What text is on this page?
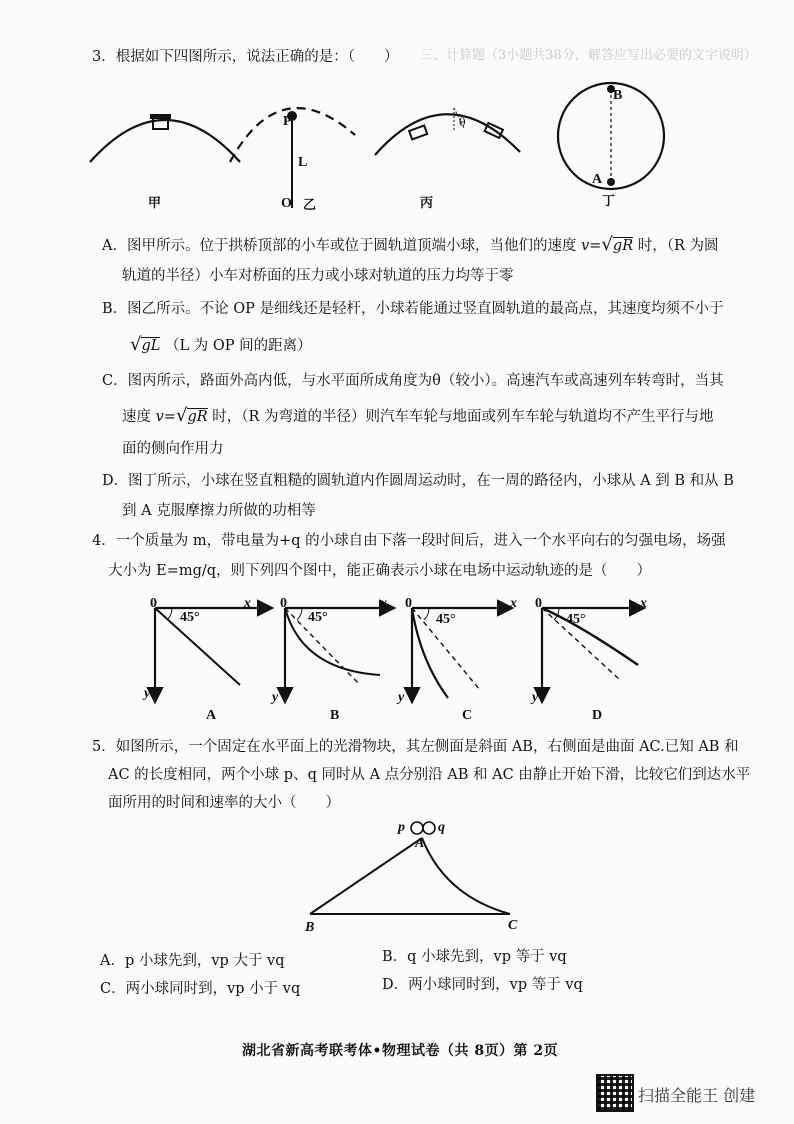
三、计算题（3小题共38分，解答应写出必要的文字说明）
3．根据如下四图所示，说法正确的是：（　　）
甲
P
L
O 乙
θ
丙
B
A
丁
A．图甲所示。位于拱桥顶部的小车或位于圆轨道顶端小球，当他们的速度 v=√gR 时，（R 为圆
轨道的半径）小车对桥面的压力或小球对轨道的压力均等于零
B．图乙所示。不论 OP 是细线还是轻杆，小球若能通过竖直圆轨道的最高点，其速度均须不小于
√gL （L 为 OP 间的距离）
C．图丙所示，路面外高内低，与水平面所成角度为θ（较小）。高速汽车或高速列车转弯时，当其
速度 v=√gR 时，（R 为弯道的半径）则汽车车轮与地面或列车车轮与轨道均不产生平行与地
面的侧向作用力
D．图丁所示，小球在竖直粗糙的圆轨道内作圆周运动时，在一周的路径内，小球从 A 到 B 和从 B
到 A 克服摩擦力所做的功相等
4．一个质量为 m，带电量为+q 的小球自由下落一段时间后，进入一个水平向右的匀强电场，场强
大小为 E=mg/q，则下列四个图中，能正确表示小球在电场中运动轨迹的是（　　）
0
45°
x
y
A
0
45°
x
y
B
0
45°
x
y
C
0
45°
x
y
D
5．如图所示，一个固定在水平面上的光滑物块，其左侧面是斜面 AB，右侧面是曲面 AC.已知 AB 和
AC 的长度相同，两个小球 p、q 同时从 A 点分别沿 AB 和 AC 由静止开始下滑，比较它们到达水平
面所用的时间和速率的大小（　　）
p q
A
B	C
A．p 小球先到，vp 大于 vq	B．q 小球先到，vp 等于 vq
C．两小球同时到，vp 小于 vq	D．两小球同时到，vp 等于 vq
湖北省新高考联考体•物理试卷（共 8页）第 2页
扫描全能王 创建
